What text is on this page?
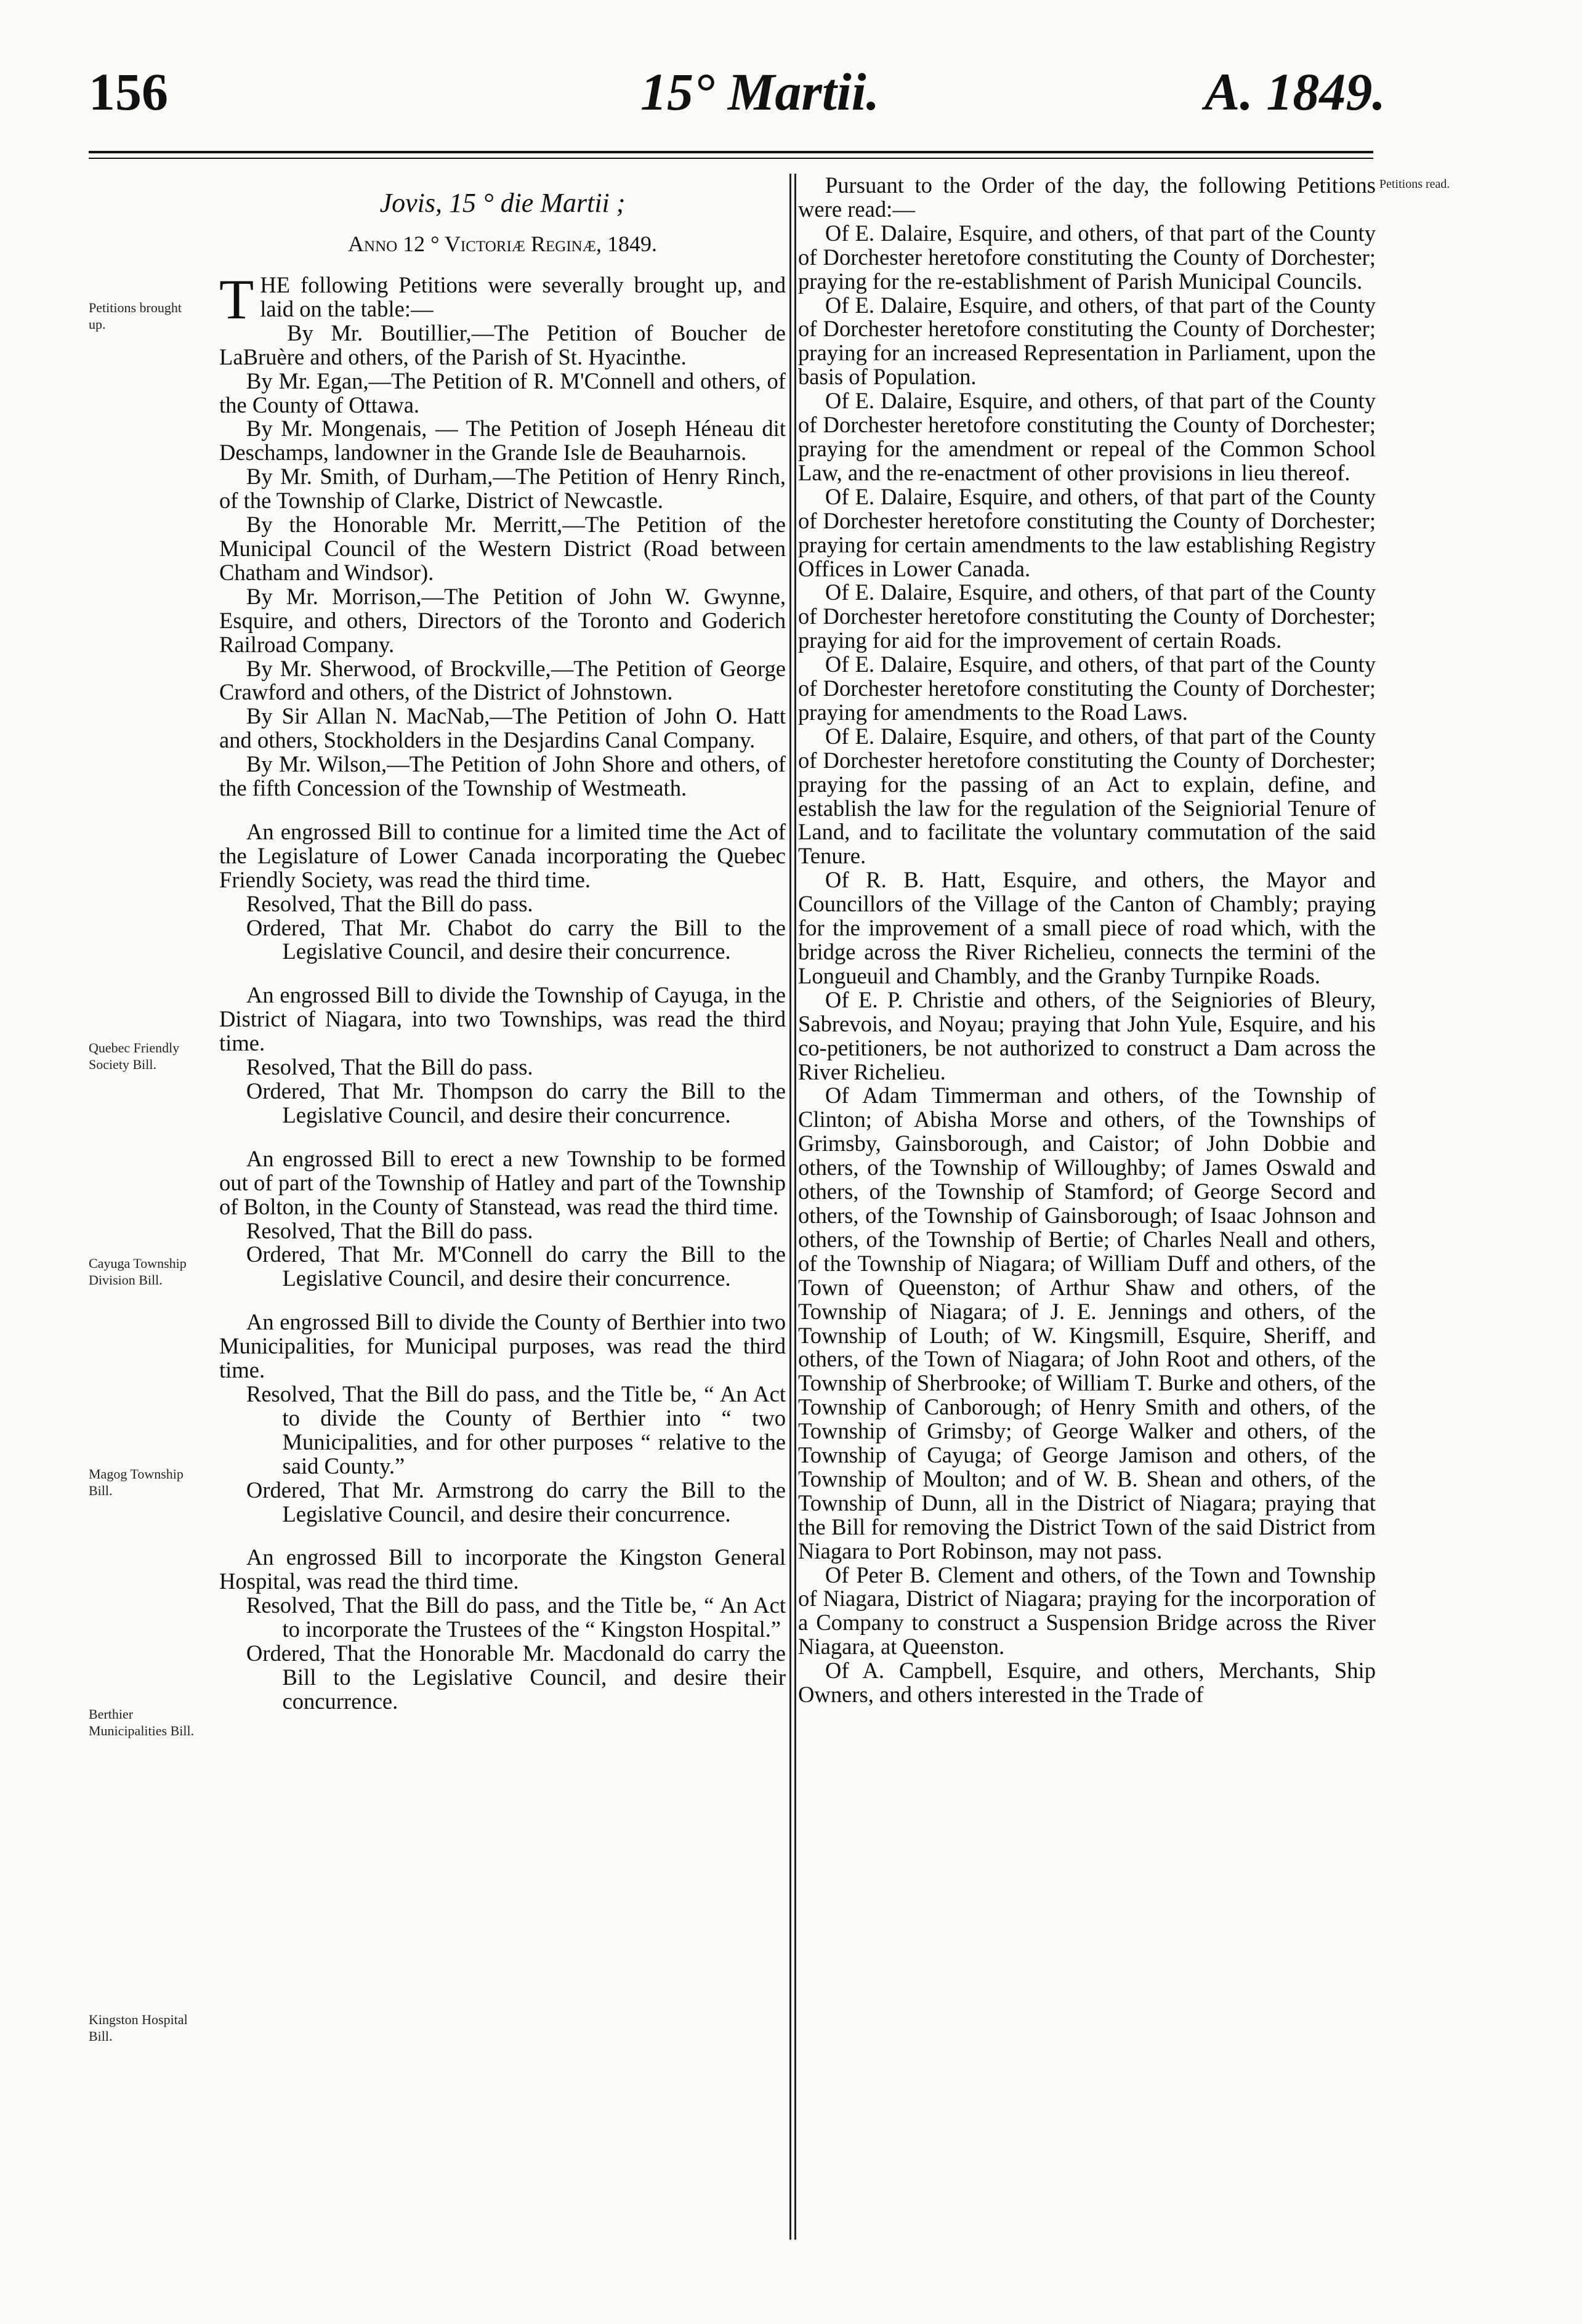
156	15° Martii.	A. 1849.
Petitions brought up.
Quebec Friendly Society Bill.
Cayuga Township Division Bill.
Magog Township Bill.
Berthier Municipalities Bill.
Kingston Hospital Bill.
Petitions read.

Jovis, 15 ° die Martii ;

Anno 12 ° Victoriæ Reginæ, 1849.

THE following Petitions were severally brought up, and laid on the table:—

By Mr. Boutillier,—The Petition of Boucher de LaBruère and others, of the Parish of St. Hyacinthe.

By Mr. Egan,—The Petition of R. M'Connell and others, of the County of Ottawa.

By Mr. Mongenais, — The Petition of Joseph Héneau dit Deschamps, landowner in the Grande Isle de Beauharnois.

By Mr. Smith, of Durham,—The Petition of Henry Rinch, of the Township of Clarke, District of Newcastle.

By the Honorable Mr. Merritt,—The Petition of the Municipal Council of the Western District (Road between Chatham and Windsor).

By Mr. Morrison,—The Petition of John W. Gwynne, Esquire, and others, Directors of the Toronto and Goderich Railroad Company.

By Mr. Sherwood, of Brockville,—The Petition of George Crawford and others, of the District of Johnstown.

By Sir Allan N. MacNab,—The Petition of John O. Hatt and others, Stockholders in the Desjardins Canal Company.

By Mr. Wilson,—The Petition of John Shore and others, of the fifth Concession of the Township of Westmeath.

An engrossed Bill to continue for a limited time the Act of the Legislature of Lower Canada incorporating the Quebec Friendly Society, was read the third time.

Resolved, That the Bill do pass.

Ordered, That Mr. Chabot do carry the Bill to the Legislative Council, and desire their concurrence.

An engrossed Bill to divide the Township of Cayuga, in the District of Niagara, into two Townships, was read the third time.

Resolved, That the Bill do pass.

Ordered, That Mr. Thompson do carry the Bill to the Legislative Council, and desire their concurrence.

An engrossed Bill to erect a new Township to be formed out of part of the Township of Hatley and part of the Township of Bolton, in the County of Stanstead, was read the third time.

Resolved, That the Bill do pass.

Ordered, That Mr. M'Connell do carry the Bill to the Legislative Council, and desire their concurrence.

An engrossed Bill to divide the County of Berthier into two Municipalities, for Municipal purposes, was read the third time.

Resolved, That the Bill do pass, and the Title be, “ An Act to divide the County of Berthier into “ two Municipalities, and for other purposes “ relative to the said County.”

Ordered, That Mr. Armstrong do carry the Bill to the Legislative Council, and desire their concurrence.

An engrossed Bill to incorporate the Kingston General Hospital, was read the third time.

Resolved, That the Bill do pass, and the Title be, “ An Act to incorporate the Trustees of the “ Kingston Hospital.”

Ordered, That the Honorable Mr. Macdonald do carry the Bill to the Legislative Council, and desire their concurrence.

Pursuant to the Order of the day, the following Petitions were read:—

Of E. Dalaire, Esquire, and others, of that part of the County of Dorchester heretofore constituting the County of Dorchester; praying for the re-establishment of Parish Municipal Councils.

Of E. Dalaire, Esquire, and others, of that part of the County of Dorchester heretofore constituting the County of Dorchester; praying for an increased Representation in Parliament, upon the basis of Population.

Of E. Dalaire, Esquire, and others, of that part of the County of Dorchester heretofore constituting the County of Dorchester; praying for the amendment or repeal of the Common School Law, and the re-enactment of other provisions in lieu thereof.

Of E. Dalaire, Esquire, and others, of that part of the County of Dorchester heretofore constituting the County of Dorchester; praying for certain amendments to the law establishing Registry Offices in Lower Canada.

Of E. Dalaire, Esquire, and others, of that part of the County of Dorchester heretofore constituting the County of Dorchester; praying for aid for the improvement of certain Roads.

Of E. Dalaire, Esquire, and others, of that part of the County of Dorchester heretofore constituting the County of Dorchester; praying for amendments to the Road Laws.

Of E. Dalaire, Esquire, and others, of that part of the County of Dorchester heretofore constituting the County of Dorchester; praying for the passing of an Act to explain, define, and establish the law for the regulation of the Seigniorial Tenure of Land, and to facilitate the voluntary commutation of the said Tenure.

Of R. B. Hatt, Esquire, and others, the Mayor and Councillors of the Village of the Canton of Chambly; praying for the improvement of a small piece of road which, with the bridge across the River Richelieu, connects the termini of the Longueuil and Chambly, and the Granby Turnpike Roads.

Of E. P. Christie and others, of the Seigniories of Bleury, Sabrevois, and Noyau; praying that John Yule, Esquire, and his co-petitioners, be not authorized to construct a Dam across the River Richelieu.

Of Adam Timmerman and others, of the Township of Clinton; of Abisha Morse and others, of the Townships of Grimsby, Gainsborough, and Caistor; of John Dobbie and others, of the Township of Willoughby; of James Oswald and others, of the Township of Stamford; of George Secord and others, of the Township of Gainsborough; of Isaac Johnson and others, of the Township of Bertie; of Charles Neall and others, of the Township of Niagara; of William Duff and others, of the Town of Queenston; of Arthur Shaw and others, of the Township of Niagara; of J. E. Jennings and others, of the Township of Louth; of W. Kingsmill, Esquire, Sheriff, and others, of the Town of Niagara; of John Root and others, of the Township of Sherbrooke; of William T. Burke and others, of the Township of Canborough; of Henry Smith and others, of the Township of Grimsby; of George Walker and others, of the Township of Cayuga; of George Jamison and others, of the Township of Moulton; and of W. B. Shean and others, of the Township of Dunn, all in the District of Niagara; praying that the Bill for removing the District Town of the said District from Niagara to Port Robinson, may not pass.

Of Peter B. Clement and others, of the Town and Township of Niagara, District of Niagara; praying for the incorporation of a Company to construct a Suspension Bridge across the River Niagara, at Queenston.

Of A. Campbell, Esquire, and others, Merchants, Ship Owners, and others interested in the Trade of
